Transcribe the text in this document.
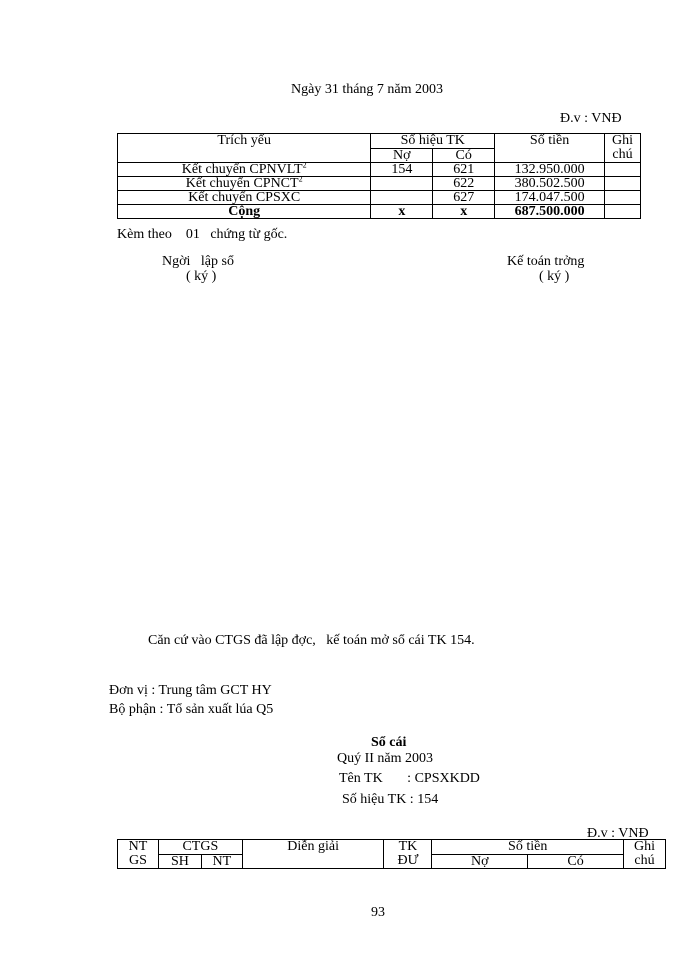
Ngày 31 tháng 7 năm 2003
Đ.v : VNĐ
Trích yếu	Số hiệu TK		Số tiền	Ghi chú
	Nợ	Có		
Kết chuyển CPNVLT$^2$	154	621	132.950.000	
Kết chuyển CPNCT$^2$		622	380.502.500	
Kết chuyển CPSXC		627	174.047.500	
Cộng	x	x	687.500.000	
Kèm theo    01   chứng từ gốc.
Ngời   lập sổ
( ký )
Kế toán trởng
( ký )
Căn cứ vào CTGS đã lập đợc,   kế toán mở sổ cái TK 154.
Đơn vị : Trung tâm GCT HY
Bộ phận : Tổ sản xuất lúa Q5
Sổ cái
Quý II năm 2003
Tên TK       : CPSXKDD
Số hiệu TK : 154
Đ.v : VNĐ
NT GS	CTGS		Diễn giải	TK ĐƯ	Số tiền		Ghi chú
	SH	NT			Nợ	Có	
93
